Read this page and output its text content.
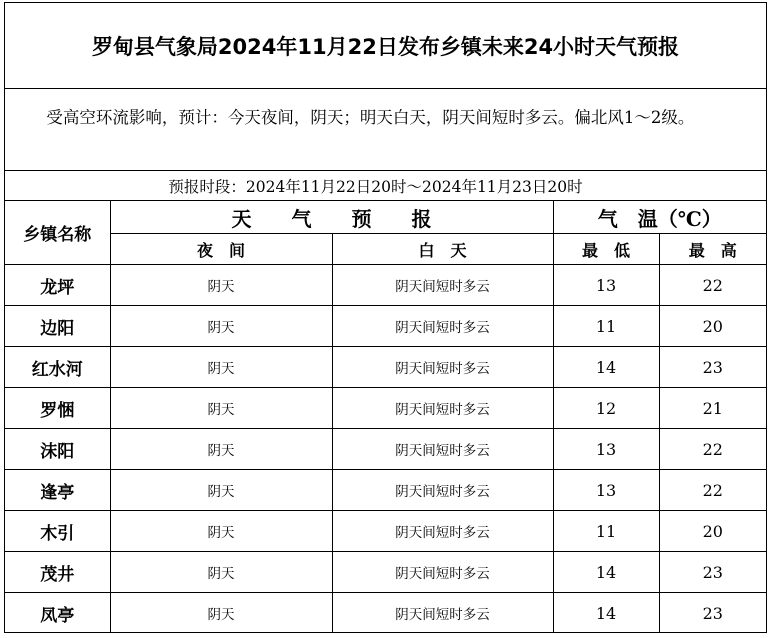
罗甸县气象局2024年11月22日发布乡镇未来24小时天气预报
受高空环流影响，预计：今天夜间，阴天；明天白天，阴天间短时多云。偏北风1～2级。
预报时段：2024年11月22日20时～2024年11月23日20时
乡镇名称	天　　气　　预　　报		气　温（℃）	
	夜　间	白　天	最　低	最　高
龙坪	阴天	阴天间短时多云	13	22
边阳	阴天	阴天间短时多云	11	20
红水河	阴天	阴天间短时多云	14	23
罗悃	阴天	阴天间短时多云	12	21
沫阳	阴天	阴天间短时多云	13	22
逢亭	阴天	阴天间短时多云	13	22
木引	阴天	阴天间短时多云	11	20
茂井	阴天	阴天间短时多云	14	23
凤亭	阴天	阴天间短时多云	14	23
